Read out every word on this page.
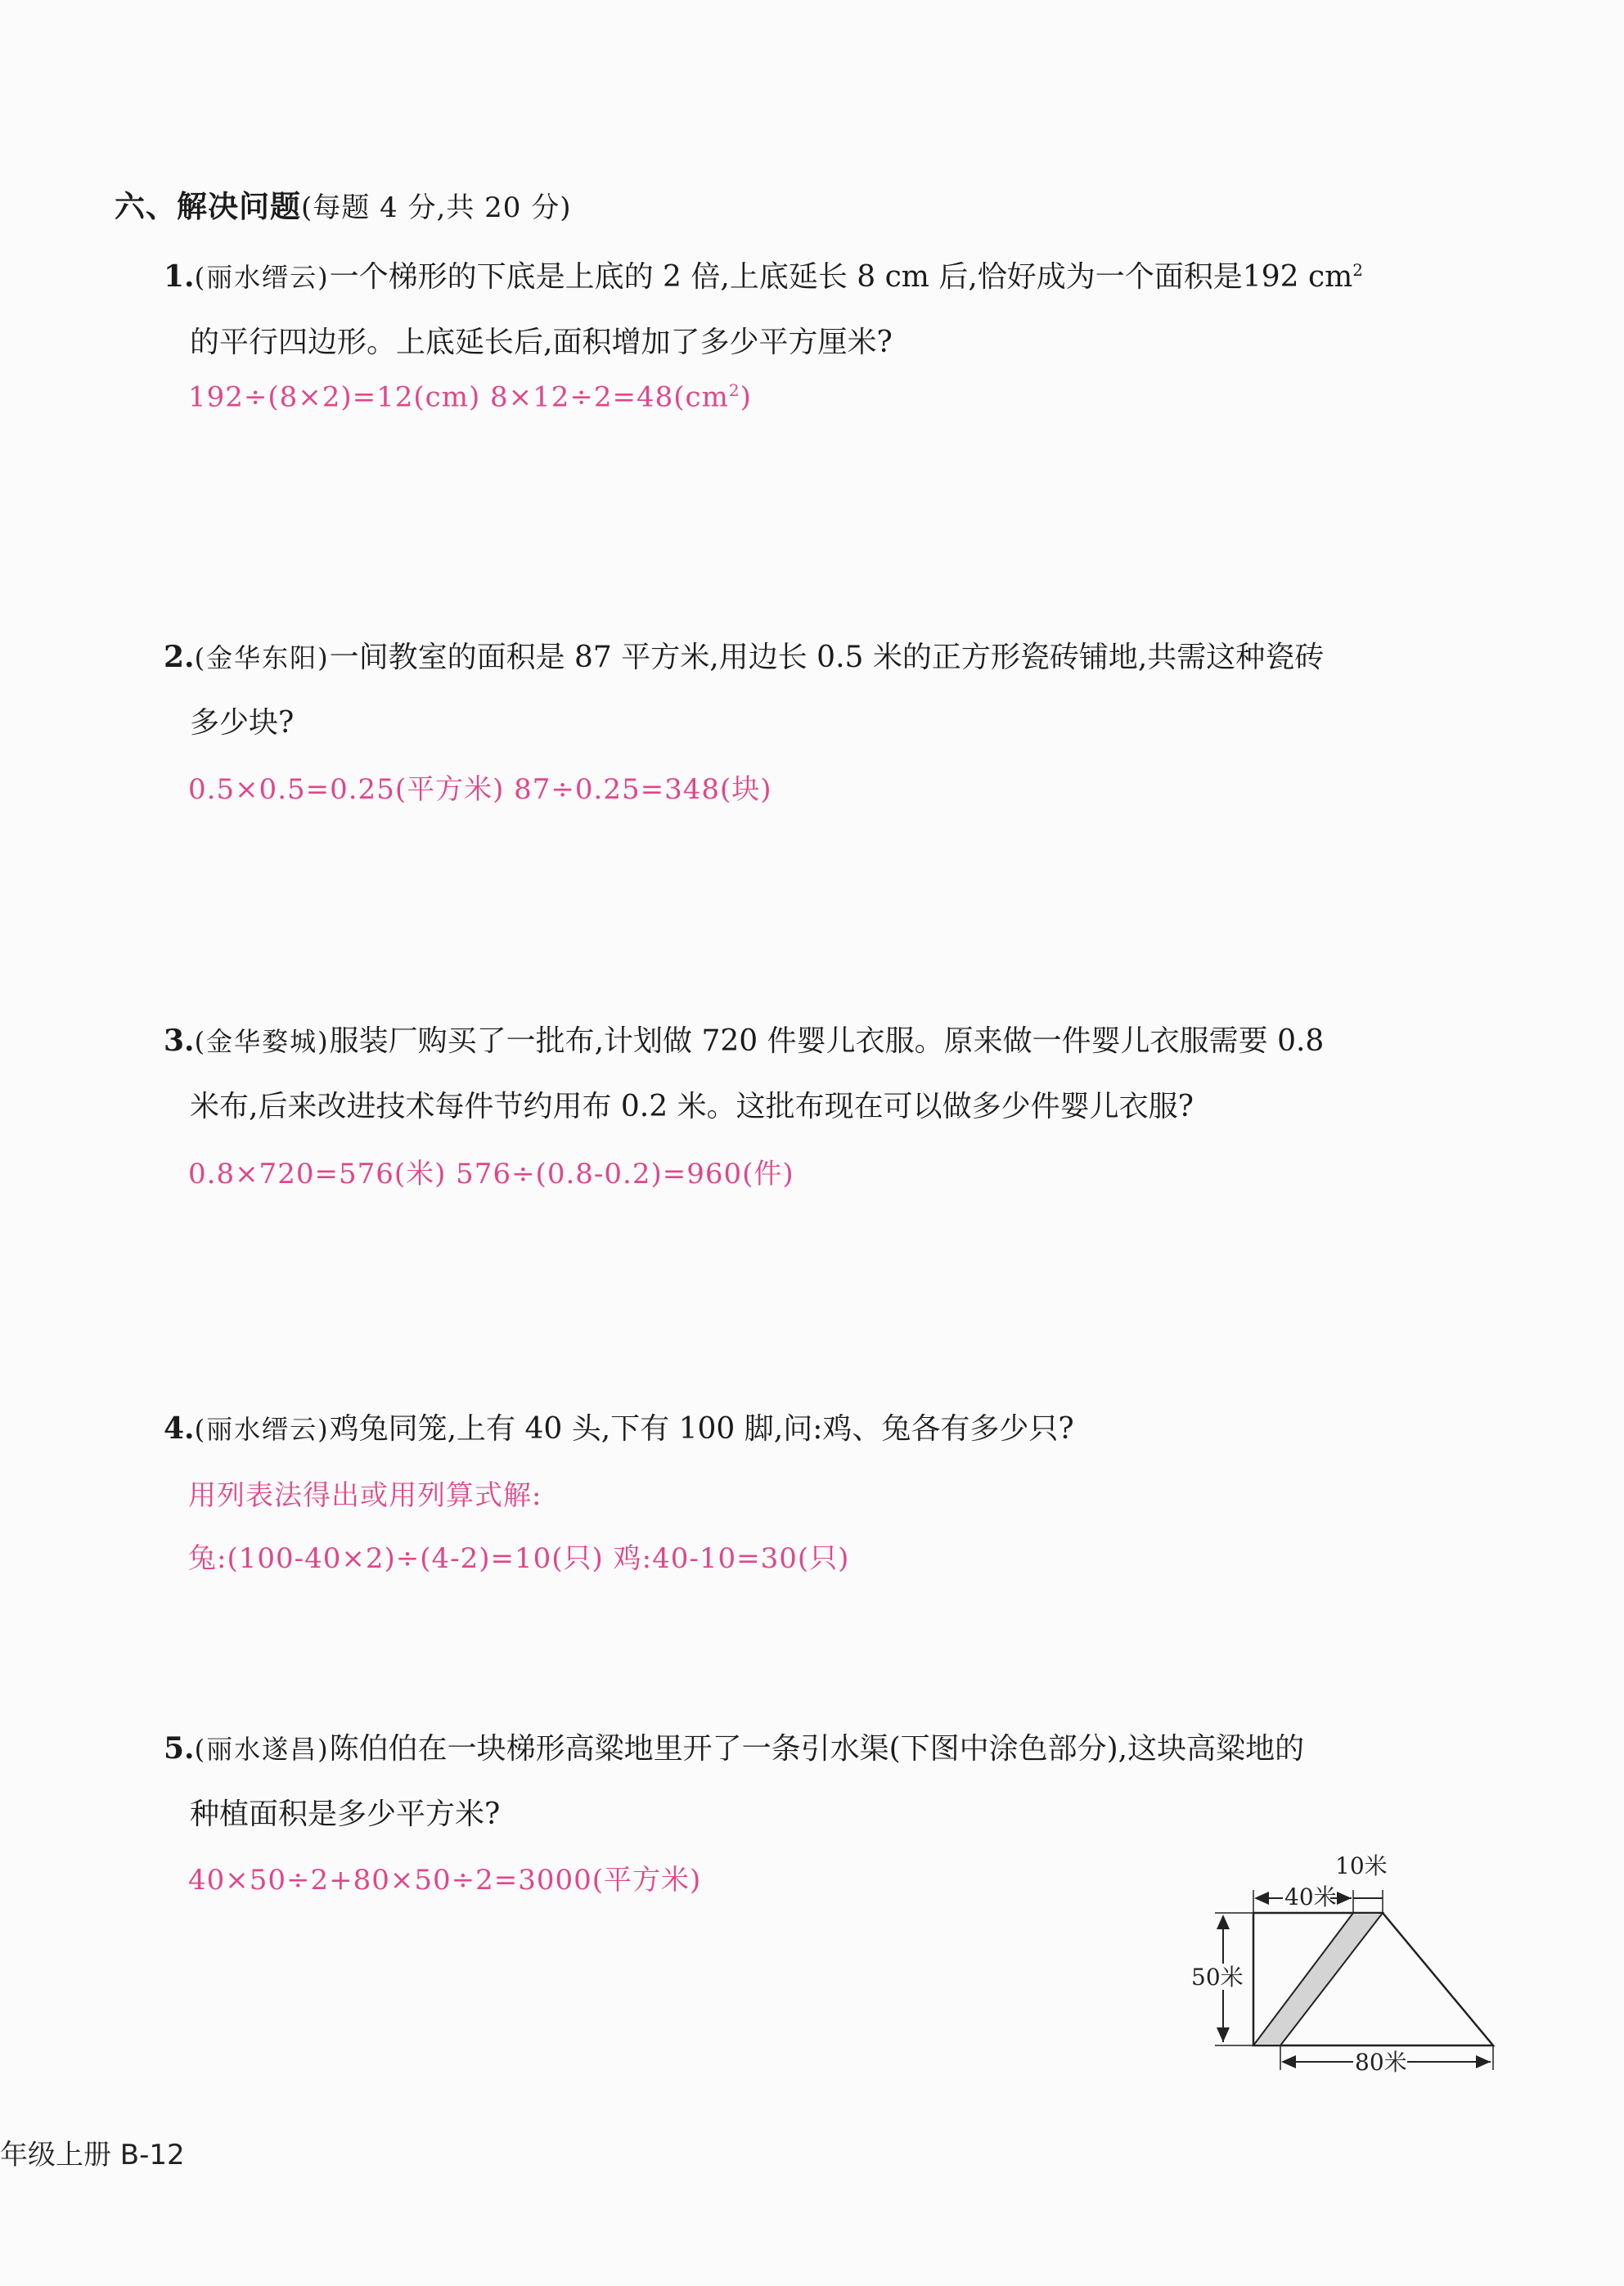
六、解决问题(每题 4 分,共 20 分)
1.(丽水缙云)一个梯形的下底是上底的 2 倍,上底延长 8 cm 后,恰好成为一个面积是192 $cm^2$
的平行四边形。上底延长后,面积增加了多少平方厘米?
192÷(8×2)=12(cm) $8\times 12\div 2=48(cm^2)$
2.(金华东阳)一间教室的面积是 87 平方米,用边长 0.5 米的正方形瓷砖铺地,共需这种瓷砖
多少块?
0.5×0.5=0.25(平方米) 87÷0.25=348(块)
3.(金华婺城)服装厂购买了一批布,计划做 720 件婴儿衣服。原来做一件婴儿衣服需要 0.8
米布,后来改进技术每件节约用布 0.2 米。这批布现在可以做多少件婴儿衣服?
0.8×720=576(米) 576÷(0.8-0.2)=960(件)
4.(丽水缙云)鸡兔同笼,上有 40 头,下有 100 脚,问:鸡、兔各有多少只?
用列表法得出或用列算式解:
兔:(100-40×2)÷(4-2)=10(只) 鸡:40-10=30(只)
5.(丽水遂昌)陈伯伯在一块梯形高粱地里开了一条引水渠(下图中涂色部分),这块高粱地的
种植面积是多少平方米?
40×50÷2+80×50÷2=3000(平方米)
40米
10米
50米
80米
年级上册 B-12
